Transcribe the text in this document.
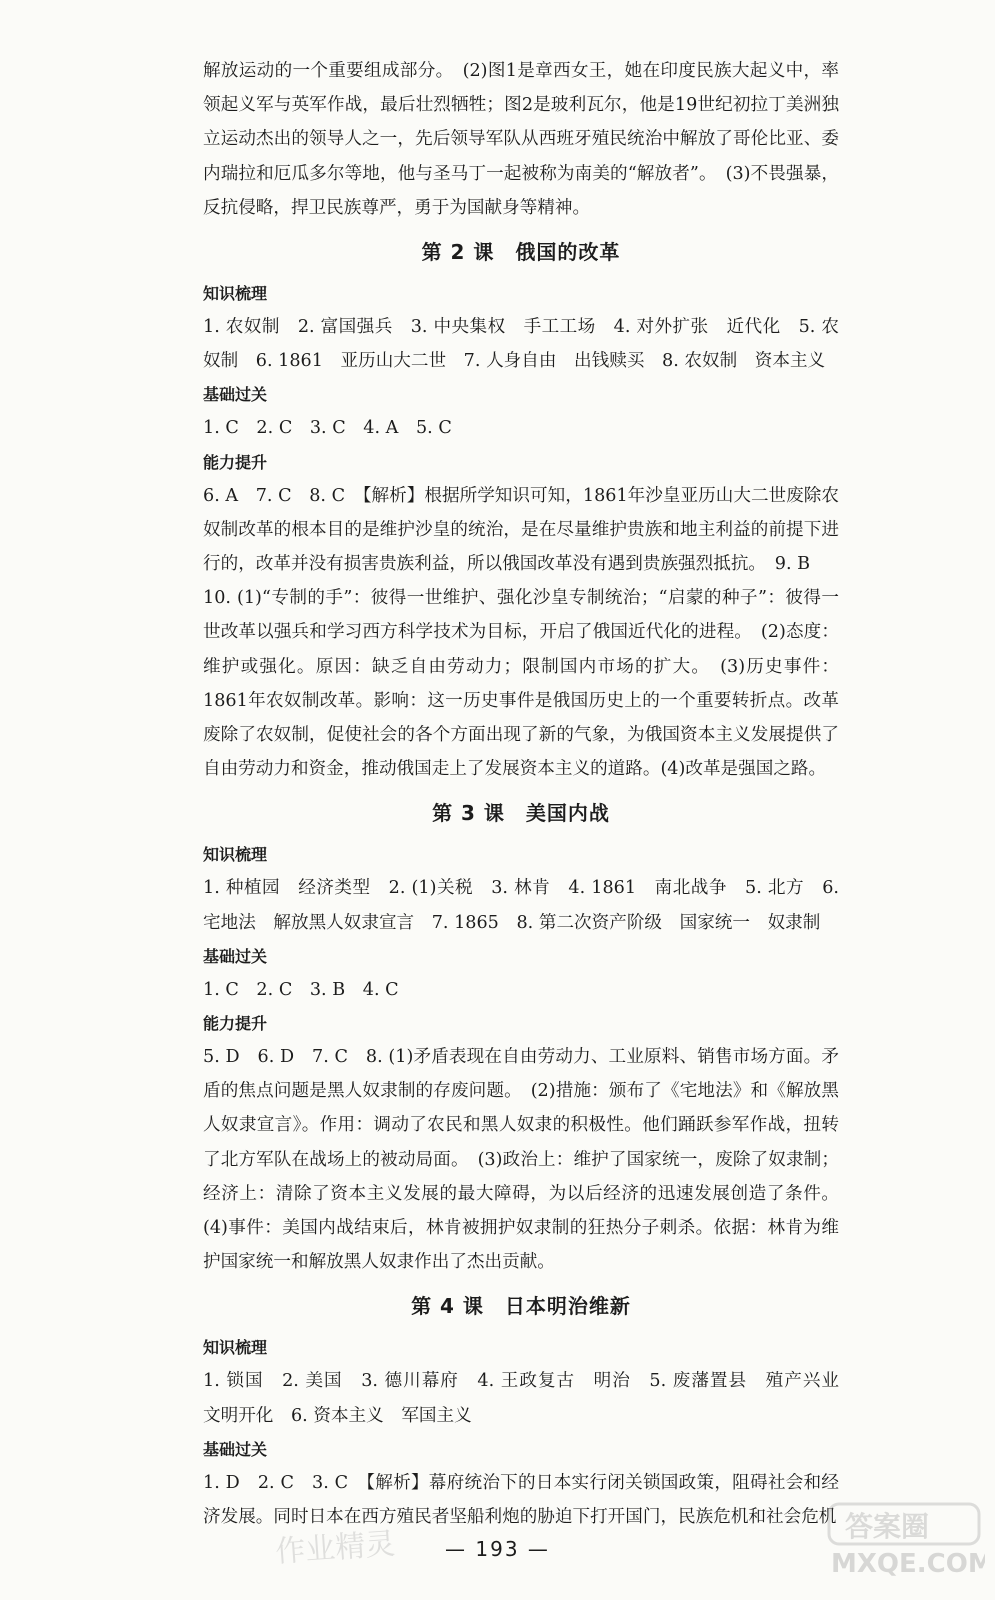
解放运动的一个重要组成部分。　(2)图1是章西女王，她在印度民族大起义中，率领起义军与英军作战，最后壮烈牺牲；图2是玻利瓦尔，他是19世纪初拉丁美洲独立运动杰出的领导人之一，先后领导军队从西班牙殖民统治中解放了哥伦比亚、委内瑞拉和厄瓜多尔等地，他与圣马丁一起被称为南美的“解放者”。　(3)不畏强暴，反抗侵略，捍卫民族尊严，勇于为国献身等精神。

第 2 课　俄国的改革

知识梳理

1. 农奴制　2. 富国强兵　3. 中央集权　手工工场　4. 对外扩张　近代化　5. 农奴制　6. 1861　亚历山大二世　7. 人身自由　出钱赎买　8. 农奴制　资本主义

基础过关

1. C　2. C　3. C　4. A　5. C

能力提升

6. A　7. C　8. C　【解析】根据所学知识可知，1861年沙皇亚历山大二世废除农奴制改革的根本目的是维护沙皇的统治，是在尽量维护贵族和地主利益的前提下进行的，改革并没有损害贵族利益，所以俄国改革没有遇到贵族强烈抵抗。　9. B

10. (1)“专制的手”：彼得一世维护、强化沙皇专制统治；“启蒙的种子”：彼得一世改革以强兵和学习西方科学技术为目标，开启了俄国近代化的进程。　(2)态度：维护或强化。原因：缺乏自由劳动力；限制国内市场的扩大。　(3)历史事件：1861年农奴制改革。影响：这一历史事件是俄国历史上的一个重要转折点。改革废除了农奴制，促使社会的各个方面出现了新的气象，为俄国资本主义发展提供了自由劳动力和资金，推动俄国走上了发展资本主义的道路。(4)改革是强国之路。

第 3 课　美国内战

知识梳理

1. 种植园　经济类型　2. (1)关税　3. 林肯　4. 1861　南北战争　5. 北方　6. 宅地法　解放黑人奴隶宣言　7. 1865　8. 第二次资产阶级　国家统一　奴隶制

基础过关

1. C　2. C　3. B　4. C

能力提升

5. D　6. D　7. C　8. (1)矛盾表现在自由劳动力、工业原料、销售市场方面。矛盾的焦点问题是黑人奴隶制的存废问题。　(2)措施：颁布了《宅地法》和《解放黑人奴隶宣言》。作用：调动了农民和黑人奴隶的积极性。他们踊跃参军作战，扭转了北方军队在战场上的被动局面。　(3)政治上：维护了国家统一，废除了奴隶制；经济上：清除了资本主义发展的最大障碍，为以后经济的迅速发展创造了条件。(4)事件：美国内战结束后，林肯被拥护奴隶制的狂热分子刺杀。依据：林肯为维护国家统一和解放黑人奴隶作出了杰出贡献。

第 4 课　日本明治维新

知识梳理

1. 锁国　2. 美国　3. 德川幕府　4. 王政复古　明治　5. 废藩置县　殖产兴业　文明开化　6. 资本主义　军国主义

基础过关

1. D　2. C　3. C　【解析】幕府统治下的日本实行闭关锁国政策，阻碍社会和经济发展。同时日本在西方殖民者坚船利炮的胁迫下打开国门，民族危机和社会危机

— 193 —
作业精灵
答案圈
MXQE.COM
